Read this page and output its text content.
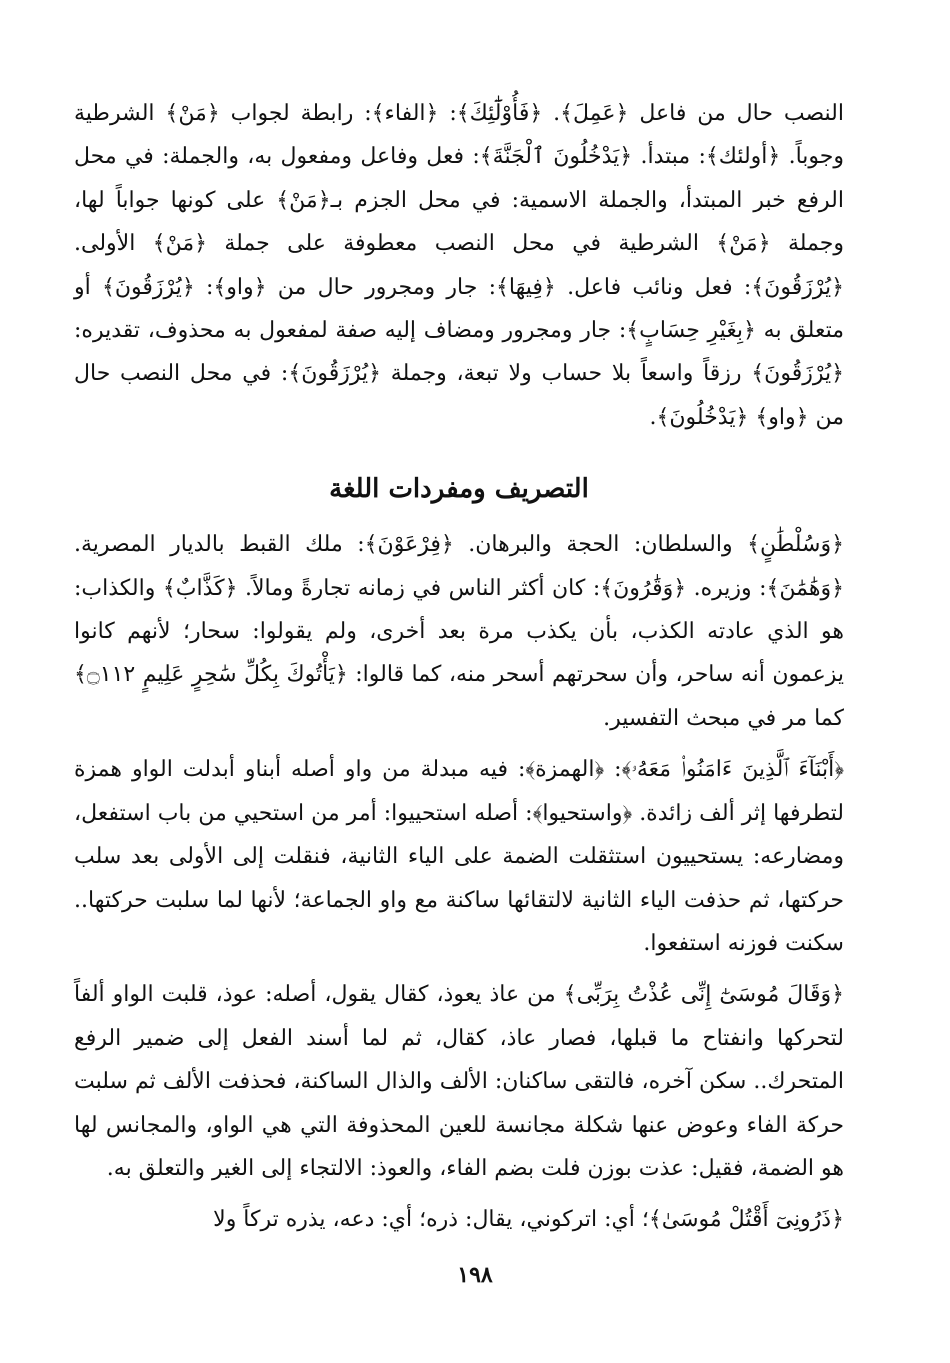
النصب حال من فاعل ﴿عَمِلَ﴾. ﴿فَأُوْلَٰٓئِكَ﴾: ﴿الفاء﴾: رابطة لجواب ﴿مَنْ﴾ الشرطية وجوباً. ﴿أولئك﴾: مبتدأ. ﴿يَدْخُلُونَ ٱلْجَنَّةَ﴾: فعل وفاعل ومفعول به، والجملة: في محل الرفع خبر المبتدأ، والجملة الاسمية: في محل الجزم بـ﴿مَنْ﴾ على كونها جواباً لها، وجملة ﴿مَنْ﴾ الشرطية في محل النصب معطوفة على جملة ﴿مَنْ﴾ الأولى. ﴿يُرْزَقُونَ﴾: فعل ونائب فاعل. ﴿فِيهَا﴾: جار ومجرور حال من ﴿واو﴾: ﴿يُرْزَقُونَ﴾ أو متعلق به ﴿بِغَيْرِ حِسَابٍ﴾: جار ومجرور ومضاف إليه صفة لمفعول به محذوف، تقديره: ﴿يُرْزَقُونَ﴾ رزقاً واسعاً بلا حساب ولا تبعة، وجملة ﴿يُرْزَقُونَ﴾: في محل النصب حال من ﴿واو﴾ ﴿يَدْخُلُونَ﴾.

التصريف ومفردات اللغة

﴿وَسُلْطَٰنٍ﴾ والسلطان: الحجة والبرهان. ﴿فِرْعَوْنَ﴾: ملك القبط بالديار المصرية. ﴿وَهَٰمَٰنَ﴾: وزيره. ﴿وَقَٰرُونَ﴾: كان أكثر الناس في زمانه تجارةً ومالاً. ﴿كَذَّابٌ﴾ والكذاب: هو الذي عادته الكذب، بأن يكذب مرة بعد أخرى، ولم يقولوا: سحار؛ لأنهم كانوا يزعمون أنه ساحر، وأن سحرتهم أسحر منه، كما قالوا: ﴿يَأْتُوكَ بِكُلِّ سَٰحِرٍ عَلِيمٍ ۝١١٢﴾ كما مر في مبحث التفسير.

﴿أَبْنَآءَ ٱلَّذِينَ ءَامَنُوا۟ مَعَهُۥ﴾: ﴿الهمزة﴾: فيه مبدلة من واو أصله أبناو أبدلت الواو همزة لتطرفها إثر ألف زائدة. ﴿واستحيوا﴾: أصله استحييوا: أمر من استحيي من باب استفعل، ومضارعه: يستحييون استثقلت الضمة على الياء الثانية، فنقلت إلى الأولى بعد سلب حركتها، ثم حذفت الياء الثانية لالتقائها ساكنة مع واو الجماعة؛ لأنها لما سلبت حركتها.. سكنت فوزنه استفعوا.

﴿وَقَالَ مُوسَىٰٓ إِنِّى عُذْتُ بِرَبِّى﴾ من عاذ يعوذ، كقال يقول، أصله: عوذ، قلبت الواو ألفاً لتحركها وانفتاح ما قبلها، فصار عاذ، كقال، ثم لما أسند الفعل إلى ضمير الرفع المتحرك.. سكن آخره، فالتقى ساكنان: الألف والذال الساكنة، فحذفت الألف ثم سلبت حركة الفاء وعوض عنها شكلة مجانسة للعين المحذوفة التي هي الواو، والمجانس لها هو الضمة، فقيل: عذت بوزن فلت بضم الفاء، والعوذ: الالتجاء إلى الغير والتعلق به.

﴿ذَرُونِىٓ أَقْتُلْ مُوسَىٰ﴾؛ أي: اتركوني، يقال: ذره؛ أي: دعه، يذره تركاً ولا

١٩٨
